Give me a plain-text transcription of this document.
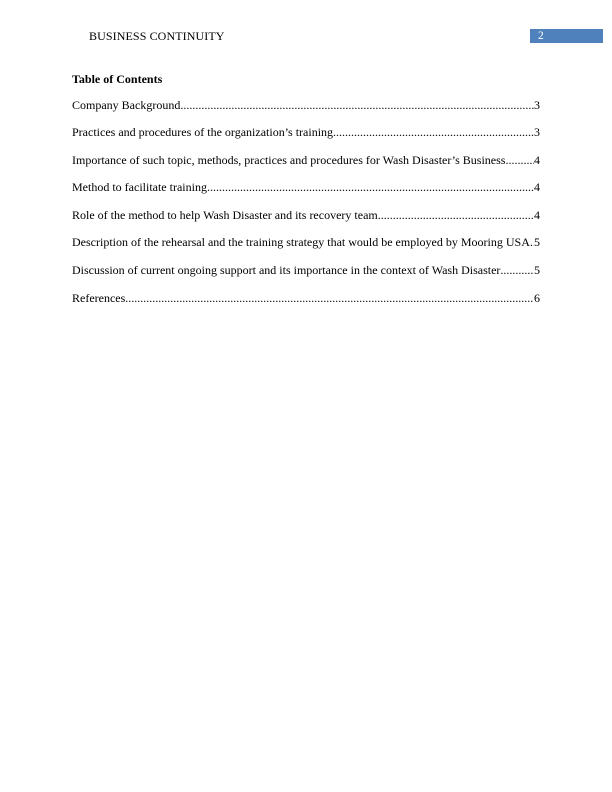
BUSINESS CONTINUITY	2
Table of Contents
Company Background .....	3
Practices and procedures of the organization’s training .....	3
Importance of such topic, methods, practices and procedures for Wash Disaster’s Business ..... 4
Method to facilitate training .....	4
Role of the method to help Wash Disaster and its recovery team .....	4
Description of the rehearsal and the training strategy that would be employed by Mooring USA ..... 5
Discussion of current ongoing support and its importance in the context of Wash Disaster .....	5
References .....	6
